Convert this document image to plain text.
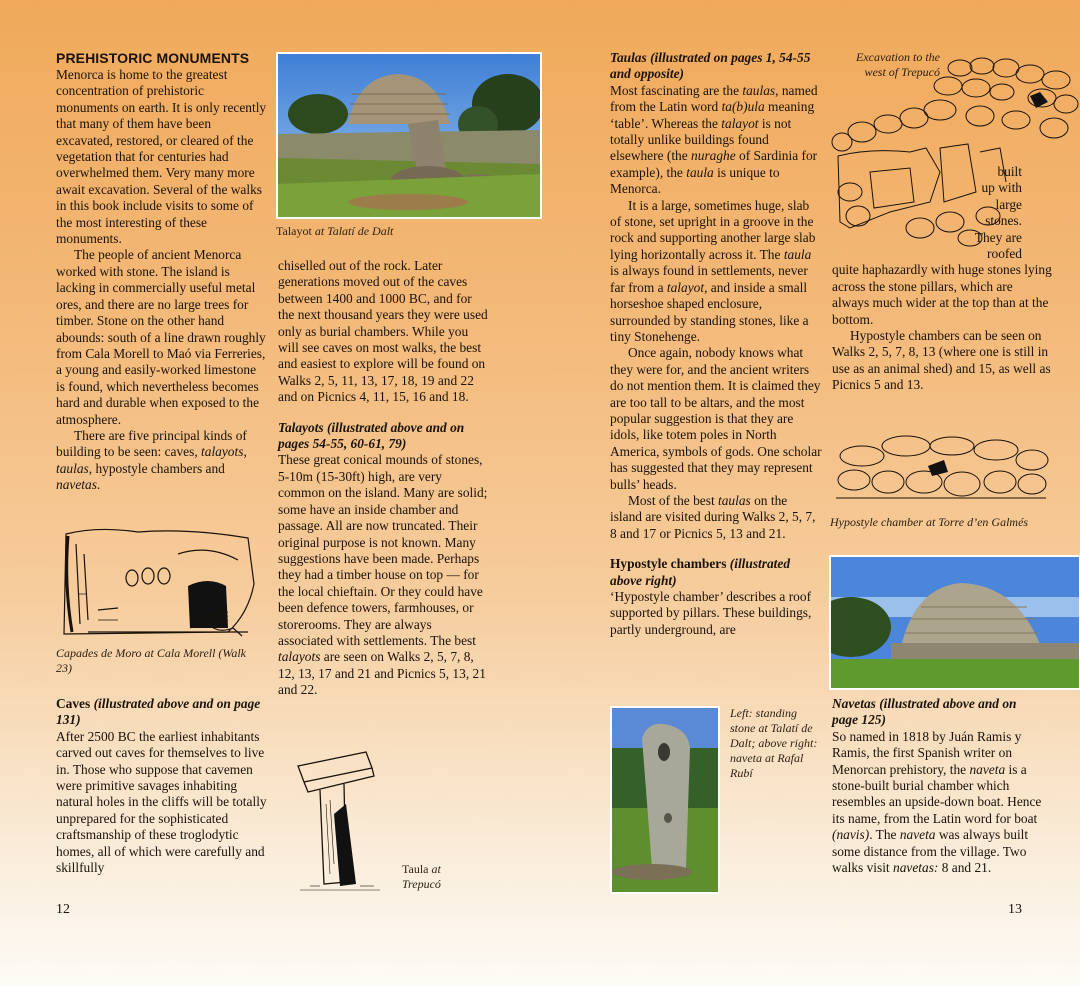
PREHISTORIC MONUMENTS

Menorca is home to the greatest concentration of prehistoric monuments on earth. It is only recently that many of them have been excavated, restored, or cleared of the vegetation that for centuries had overwhelmed them. Very many more await excavation. Several of the walks in this book include visits to some of the most interesting of these monuments.

The people of ancient Menorca worked with stone. The island is lacking in commercially useful metal ores, and there are no large trees for timber. Stone on the other hand abounds: south of a line drawn roughly from Cala Morell to Maó via Ferreries, a young and easily-worked limestone is found, which nevertheless becomes hard and durable when exposed to the atmosphere.

There are five principal kinds of building to be seen: caves, talayots, taulas, hypostyle chambers and navetas.

Capades de Moro at Cala Morell (Walk 23)
Caves (illustrated above and on page 131)

After 2500 BC the earliest inhabitants carved out caves for themselves to live in. Those who suppose that cavemen were primitive savages inhabiting natural holes in the cliffs will be totally unprepared for the sophisticated craftsmanship of these troglodytic homes, all of which were carefully and skillfully

Talayot at Talatí de Dalt

chiselled out of the rock. Later generations moved out of the caves between 1400 and 1000 BC, and for the next thousand years they were used only as burial chambers. While you will see caves on most walks, the best and easiest to explore will be found on Walks 2, 5, 11, 13, 17, 18, 19 and 22 and on Picnics 4, 11, 15, 16 and 18.

Talayots (illustrated above and on pages 54-55, 60-61, 79)

These great conical mounds of stones, 5-10m (15-30ft) high, are very common on the island. Many are solid; some have an inside chamber and passage. All are now truncated. Their original purpose is not known. Many suggestions have been made. Perhaps they had a timber house on top — for the local chieftain. Or they could have been defence towers, farmhouses, or storerooms. They are always associated with settlements. The best talayots are seen on Walks 2, 5, 7, 8, 12, 13, 17 and 21 and Picnics 5, 13, 21 and 22.

Taula at Trepucó
12
Taulas (illustrated on pages 1, 54-55 and opposite)

Most fascinating are the taulas, named from the Latin word ta(b)ula meaning ‘table’. Whereas the talayot is not totally unlike buildings found elsewhere (the nuraghe of Sardinia for example), the taula is unique to Menorca.

It is a large, sometimes huge, slab of stone, set upright in a groove in the rock and supporting another large slab lying horizontally across it. The taula is always found in settlements, never far from a talayot, and inside a small horseshoe shaped enclosure, surrounded by standing stones, like a tiny Stonehenge.

Once again, nobody knows what they were for, and the ancient writers do not mention them. It is claimed they are too tall to be altars, and the most popular suggestion is that they are idols, like totem poles in North America, symbols of gods. One scholar has suggested that they may represent bulls’ heads.

Most of the best taulas on the island are visited during Walks 2, 5, 7, 8 and 17 or Picnics 5, 13 and 21.

Hypostyle chambers (illustrated above right)

‘Hypostyle chamber’ describes a roof supported by pillars. These buildings, partly underground, are

Left: standing stone at Talatí de Dalt; above right: naveta at Rafal Rubí
Excavation to the west of Trepucó
built
up with
large
stones.
They are
roofed

quite haphazardly with huge stones lying across the stone pillars, which are always much wider at the top than at the bottom.

Hypostyle chambers can be seen on Walks 2, 5, 7, 8, 13 (where one is still in use as an animal shed) and 15, as well as Picnics 5 and 13.

Hypostyle chamber at Torre d’en Galmés
Navetas (illustrated above and on page 125)

So named in 1818 by Juán Ramis y Ramis, the first Spanish writer on Menorcan prehistory, the naveta is a stone-built burial chamber which resembles an upside-down boat. Hence its name, from the Latin word for boat (navis). The naveta was always built some distance from the village. Two walks visit navetas: 8 and 21.

13
